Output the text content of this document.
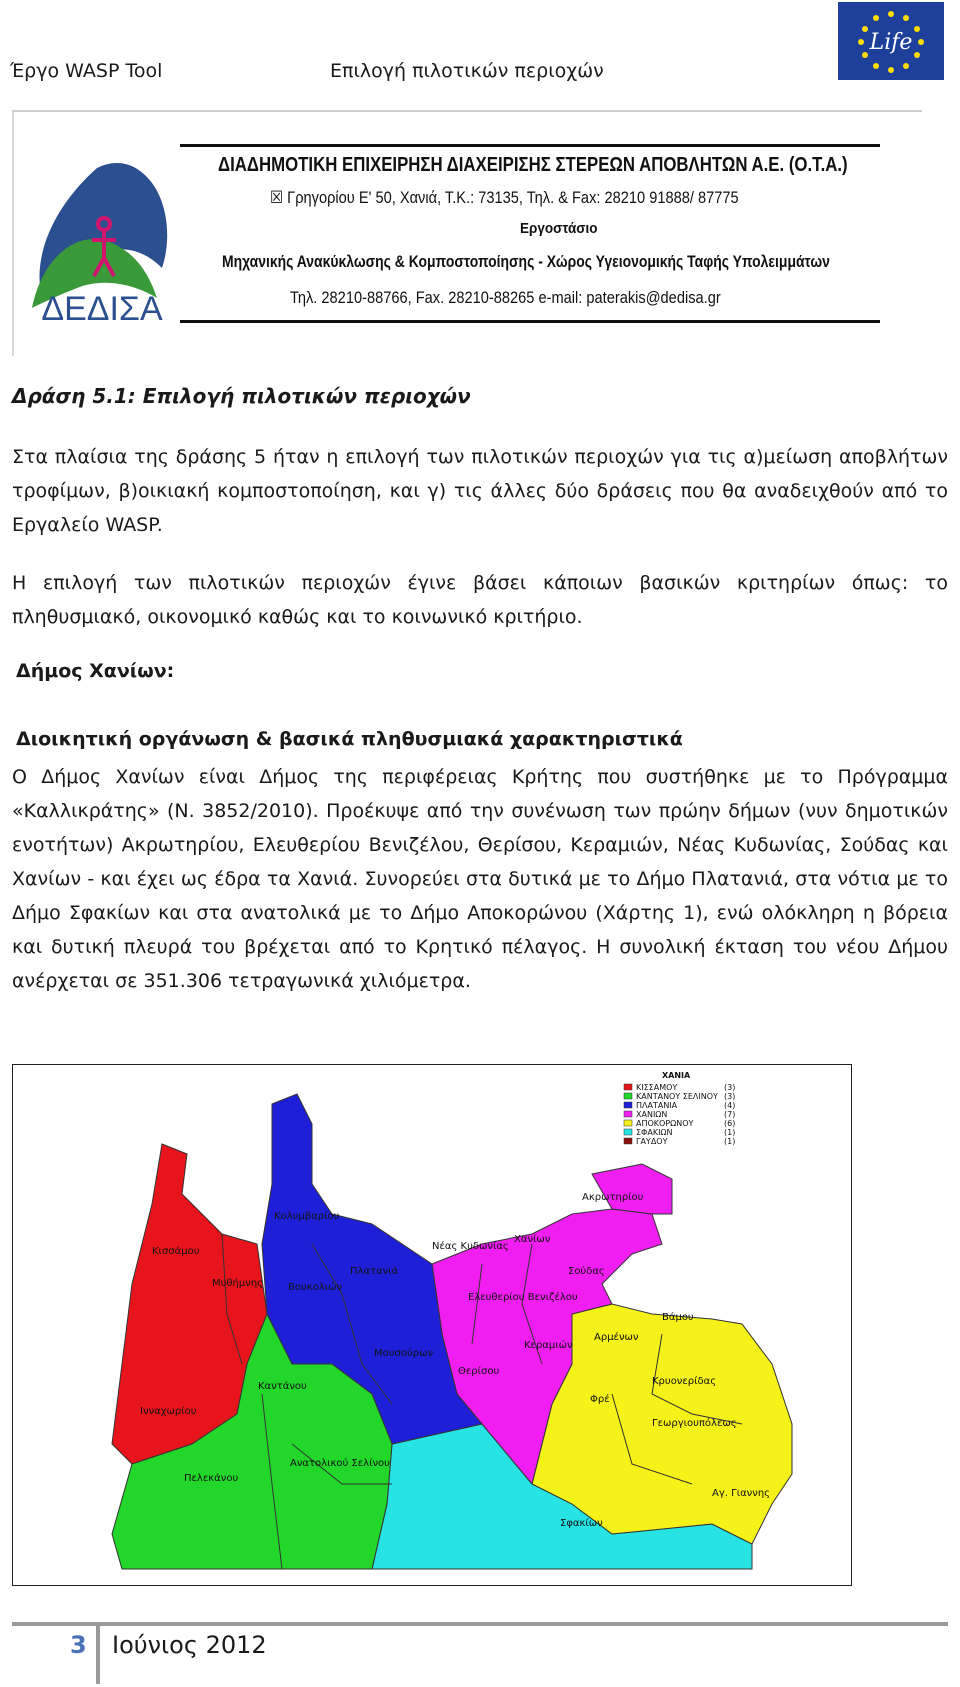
Έργο WASP Tool	Επιλογή πιλοτικών περιοχών
Life
ΔΕΔΙΣΑ
ΔΙΑΔΗΜΟΤΙΚΗ ΕΠΙΧΕΙΡΗΣΗ ΔΙΑΧΕΙΡΙΣΗΣ ΣΤΕΡΕΩΝ ΑΠΟΒΛΗΤΩΝ Α.Ε. (Ο.Τ.Α.)
☒ Γρηγορίου Ε' 50, Χανιά, Τ.Κ.: 73135, Τηλ. & Fax: 28210 91888/ 87775
Εργοστάσιο
Μηχανικής Ανακύκλωσης & Κομποστοποίησης - Χώρος Υγειονομικής Ταφής Υπολειμμάτων
Τηλ. 28210-88766, Fax. 28210-88265 e-mail: paterakis@dedisa.gr
Δράση 5.1: Επιλογή πιλοτικών περιοχών
Στα πλαίσια της δράσης 5 ήταν η επιλογή των πιλοτικών περιοχών για τις α)μείωση αποβλήτων τροφίμων, β)οικιακή κομποστοποίηση, και γ) τις άλλες δύο δράσεις που θα αναδειχθούν από το Εργαλείο WASP.
Η επιλογή των πιλοτικών περιοχών έγινε βάσει κάποιων βασικών κριτηρίων όπως: το πληθυσμιακό, οικονομικό καθώς και το κοινωνικό κριτήριο.
Δήμος Χανίων:
Διοικητική οργάνωση & βασικά πληθυσμιακά χαρακτηριστικά
Ο Δήμος Χανίων είναι Δήμος της περιφέρειας Κρήτης που συστήθηκε με το Πρόγραμμα «Καλλικράτης» (Ν. 3852/2010). Προέκυψε από την συνένωση των πρώην δήμων (νυν δημοτικών ενοτήτων) Ακρωτηρίου, Ελευθερίου Βενιζέλου, Θερίσου, Κεραμιών, Νέας Κυδωνίας, Σούδας και Χανίων - και έχει ως έδρα τα Χανιά. Συνορεύει στα δυτικά με το Δήμο Πλατανιά, στα νότια με το Δήμο Σφακίων και στα ανατολικά με το Δήμο Αποκορώνου (Χάρτης 1), ενώ ολόκληρη η βόρεια και δυτική πλευρά του βρέχεται από το Κρητικό πέλαγος. Η συνολική έκταση του νέου Δήμου ανέρχεται σε 351.306 τετραγωνικά χιλιόμετρα.
Κισσάμου
Μυθήμνης
Ινναχωρίου
Κολυμβαρίου
Βουκολιών
Πλατανιά
Μουσούρων
Καντάνου
Πελεκάνου
Ανατολικού Σελίνου
Νέας Κυδωνίας
Χανίων
Σούδας
Ακρωτηρίου
Ελευθερίου Βενιζέλου
Θερίσου
Κεραμιών
Αρμένων
Βάμου
Φρέ
Κρυονερίδας
Γεωργιουπόλεως
Αγ. Γιαννης
Σφακίων
ΧΑΝΙΑ
ΚΙΣΣΑΜΟΥ	(3)
ΚΑΝΤΑΝΟΥ ΣΕΛΙΝΟΥ (3)
ΠΛΑΤΑΝΙΑ	(4)
ΧΑΝΙΩΝ	(7)
ΑΠΟΚΟΡΩΝΟΥ	(6)
ΣΦΑΚΙΩΝ	(1)
ΓΑΥΔΟΥ	(1)
3 Ιούνιος 2012
